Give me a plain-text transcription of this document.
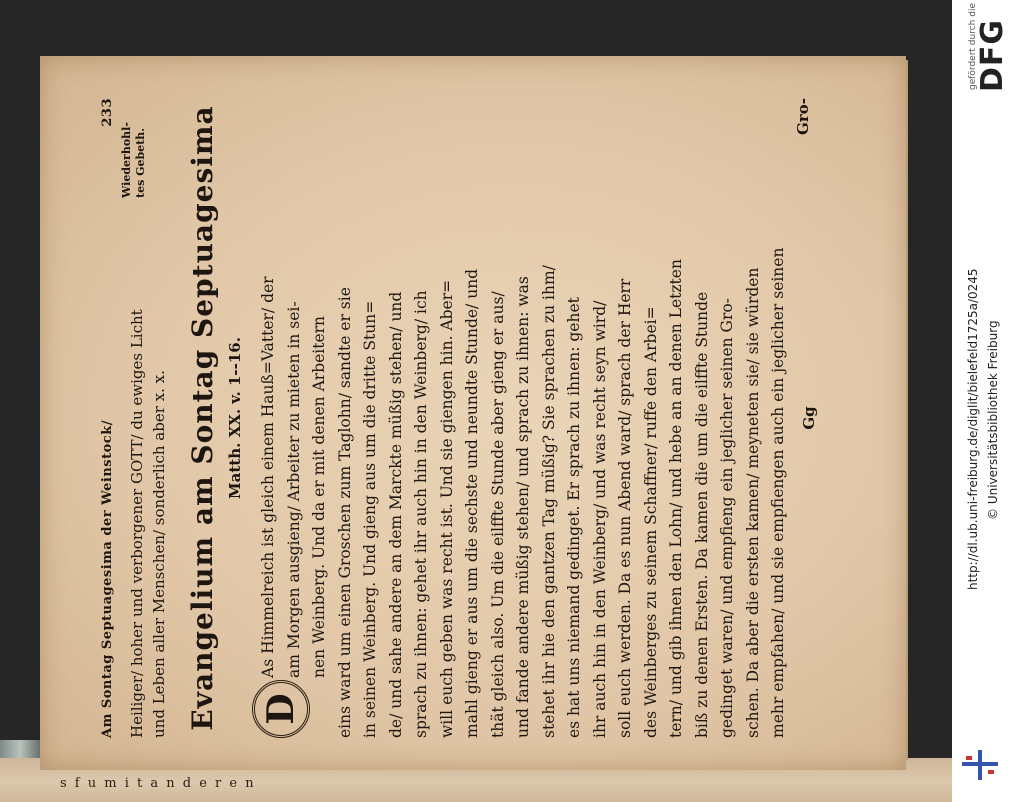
s f u m i t a n d e r e n
Wiederhohl- tes Gebeth.
Am Sontag Septuagesima der Weinstock/
233
Heiliger/ hoher und verborgener GOTT/ du ewiges Licht und Leben aller Menschen/ sonderlich aber x. x. Evangelium am Sontag Septuagesima Matth. XX. v. 1--16.
D
As Himmelreich ist gleich einem Hauß=Vatter/ der am Morgen ausgieng/ Arbeiter zu mieten in sei- nen Weinberg. Und da er mit denen Arbeitern eins ward um einen Groschen zum Taglohn/ sandte er sie in seinen Weinberg. Und gieng aus um die dritte Stun= de/ und sahe andere an dem Marckte müßig stehen/ und sprach zu ihnen: gehet ihr auch hin in den Weinberg/ ich will euch geben was recht ist. Und sie giengen hin. Aber= mahl gieng er aus um die sechste und neundte Stunde/ und thät gleich also. Um die eilffte Stunde aber gieng er aus/ und fande andere müßig stehen/ und sprach zu ihnen: was stehet ihr hie den gantzen Tag müßig? Sie sprachen zu ihm/ es hat uns niemand gedinget. Er sprach zu ihnen: gehet ihr auch hin in den Weinberg/ und was recht seyn wird/ soll euch werden. Da es nun Abend ward/ sprach der Herr des Weinberges zu seinem Schaffner/ ruffe den Arbei= tern/ und gib ihnen den Lohn/ und hebe an an denen Letzten biß zu denen Ersten. Da kamen die um die eilffte Stunde gedinget waren/ und empfieng ein jeglicher seinen Gro- schen. Da aber die ersten kamen/ meyneten sie/ sie würden mehr empfahen/ und sie empfiengen auch ein jeglicher seinen
Gro-
Gg
gefördert durch die
DFG
http://dl.ub.uni-freiburg.de/diglit/bielefeld1725a/0245 © Universitätsbibliothek Freiburg
